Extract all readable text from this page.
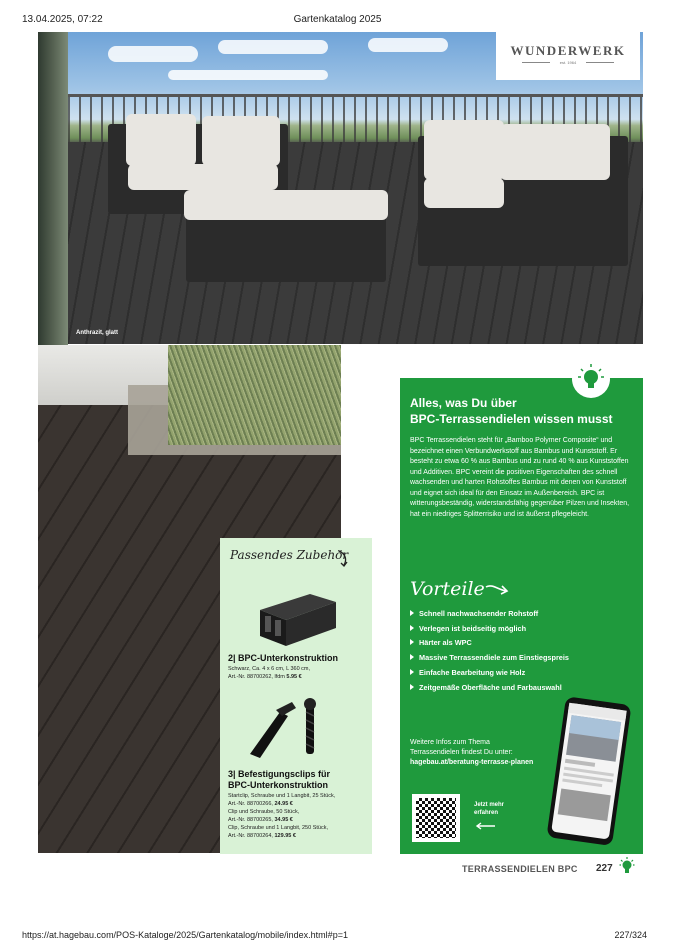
13.04.2025, 07:22	Gartenkatalog 2025
Anthrazit, glatt
WUNDERWERK
est. 1964
Passendes Zubehör
2| BPC-Unterkonstruktion
Schwarz, Ca. 4 x 6 cm, L 360 cm,
Art.-Nr. 88700262, lfdm 5.95 €
3| Befestigungsclips für
BPC-Unterkonstruktion
Startclip, Schraube und 1 Langbit, 25 Stück,
Art.-Nr. 88700266, 24.95 €
Clip und Schraube, 50 Stück,
Art.-Nr. 88700265, 34.95 €
Clip, Schraube und 1 Langbit, 250 Stück,
Art.-Nr. 88700264, 129.95 €
Alles, was Du über
BPC-Terrassendielen wissen musst
BPC Terrassendielen steht für „Bamboo Polymer Composite“ und bezeichnet einen Verbundwerkstoff aus Bambus und Kunststoff. Er besteht zu etwa 60 % aus Bambus und zu rund 40 % aus Kunststoffen und Additiven. BPC vereint die positiven Eigenschaften des schnell wachsenden und harten Rohstoffes Bambus mit denen von Kunststoff und eignet sich ideal für den Einsatz im Außenbereich. BPC ist witterungsbeständig, widerstandsfähig gegenüber Pilzen und Insekten, hat ein niedriges Splitterrisiko und ist äußerst pflegeleicht.
Vorteile
Schnell nachwachsender Rohstoff
Verlegen ist beidseitig möglich
Härter als WPC
Massive Terrassendiele zum Einstiegspreis
Einfache Bearbeitung wie Holz
Zeitgemäße Oberfläche und Farbauswahl
Weitere Infos zum Thema
Terrassendielen findest Du unter:
hagebau.at/beratung-terrasse-planen
Jetzt mehr
erfahren
TERRASSENDIELEN BPC 227
https://at.hagebau.com/POS-Kataloge/2025/Gartenkatalog/mobile/index.html#p=1	227/324
